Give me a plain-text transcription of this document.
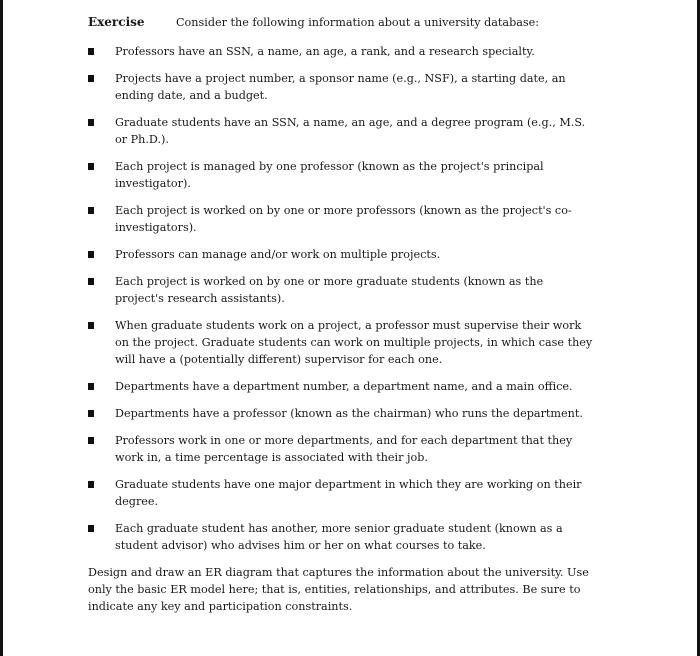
Exercise	Consider the following information about a university database:
Professors have an SSN, a name, an age, a rank, and a research specialty.
Projects have a project number, a sponsor name (e.g., NSF), a starting date, an ending date, and a budget.
Graduate students have an SSN, a name, an age, and a degree program (e.g., M.S. or Ph.D.).
Each project is managed by one professor (known as the project's principal investigator).
Each project is worked on by one or more professors (known as the project's co-investigators).
Professors can manage and/or work on multiple projects.
Each project is worked on by one or more graduate students (known as the project's research assistants).
When graduate students work on a project, a professor must supervise their work on the project. Graduate students can work on multiple projects, in which case they will have a (potentially different) supervisor for each one.
Departments have a department number, a department name, and a main office.
Departments have a professor (known as the chairman) who runs the department.
Professors work in one or more departments, and for each department that they work in, a time percentage is associated with their job.
Graduate students have one major department in which they are working on their degree.
Each graduate student has another, more senior graduate student (known as a student advisor) who advises him or her on what courses to take.

Design and draw an ER diagram that captures the information about the university. Use only the basic ER model here; that is, entities, relationships, and attributes. Be sure to indicate any key and participation constraints.
